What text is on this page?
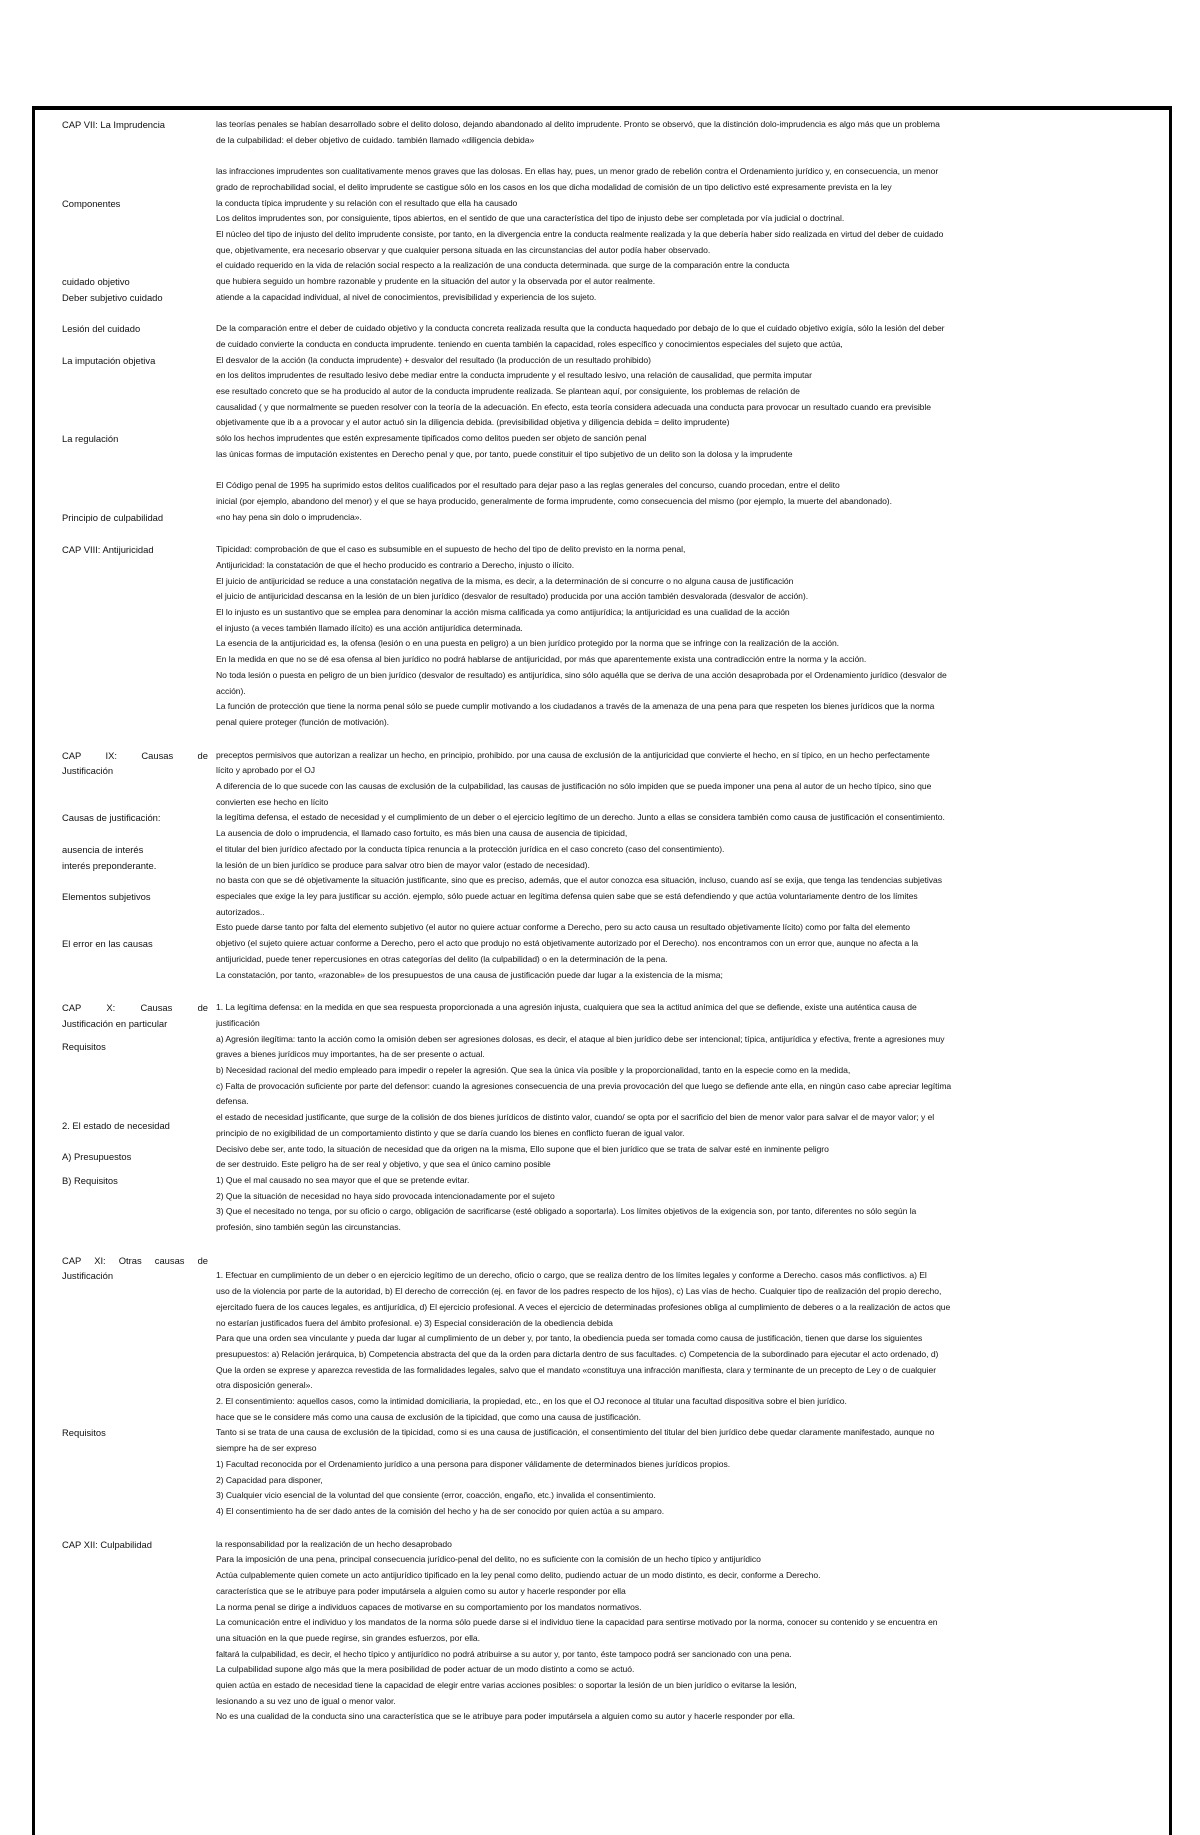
CAP VII: La Imprudencia
Componentes
cuidado objetivo
Deber subjetivo cuidado
Lesión del cuidado
La imputación objetiva
La regulación
Principio de culpabilidad
las teorías penales se habían desarrollado sobre el delito doloso, dejando abandonado al delito imprudente. Pronto se observó, que la distinción dolo-imprudencia es algo más que un problema
de la culpabilidad: el deber objetivo de cuidado. también llamado «diligencia debida»
las infracciones imprudentes son cualitativamente menos graves que las dolosas. En ellas hay, pues, un menor grado de rebelión contra el Ordenamiento jurídico y, en consecuencia, un menor
grado de reprochabilidad social, el delito imprudente se castigue sólo en los casos en los que dicha modalidad de comisión de un tipo delictivo esté expresamente prevista en la ley
la conducta típica imprudente y su relación con el resultado que ella ha causado
Los delitos imprudentes son, por consiguiente, tipos abiertos, en el sentido de que una característica del tipo de injusto debe ser completada por vía judicial o doctrinal.
El núcleo del tipo de injusto del delito imprudente consiste, por tanto, en la divergencia entre la conducta realmente realizada y la que debería haber sido realizada en virtud del deber de cuidado
que, objetivamente, era necesario observar y que cualquier persona situada en las circunstancias del autor podía haber observado.
el cuidado requerido en la vida de relación social respecto a la realización de una conducta determinada. que surge de la comparación entre la conducta
que hubiera seguido un hombre razonable y prudente en la situación del autor y la observada por el autor realmente.
atiende a la capacidad individual, al nivel de conocimientos, previsibilidad y experiencia de los sujeto.
De la comparación entre el deber de cuidado objetivo y la conducta concreta realizada resulta que la conducta haquedado por debajo de lo que el cuidado objetivo exigía, sólo la lesión del deber
de cuidado convierte la conducta en conducta imprudente. teniendo en cuenta también la capacidad, roles específico y conocimientos especiales del sujeto que actúa,
El desvalor de la acción (la conducta imprudente) + desvalor del resultado (la producción de un resultado prohibido)
en los delitos imprudentes de resultado lesivo debe mediar entre la conducta imprudente y el resultado lesivo, una relación de causalidad, que permita imputar
ese resultado concreto que se ha producido al autor de la conducta imprudente realizada. Se plantean aquí, por consiguiente, los problemas de relación de
causalidad ( y que normalmente se pueden resolver con la teoría de la adecuación. En efecto, esta teoría considera adecuada una conducta para provocar un resultado cuando era previsible
objetivamente que ib a a provocar y el autor actuó sin la diligencia debida. (previsibilidad objetiva y diligencia debida = delito imprudente)
sólo los hechos imprudentes que estén expresamente tipificados como delitos pueden ser objeto de sanción penal
las únicas formas de imputación existentes en Derecho penal y que, por tanto, puede constituir el tipo subjetivo de un delito son la dolosa y la imprudente
El Código penal de 1995 ha suprimido estos delitos cualificados por el resultado para dejar paso a las reglas generales del concurso, cuando procedan, entre el delito
inicial (por ejemplo, abandono del menor) y el que se haya producido, generalmente de forma imprudente, como consecuencia del mismo (por ejemplo, la muerte del abandonado).
«no hay pena sin dolo o imprudencia».
CAP VIII: Antijuricidad	Tipicidad: comprobación de que el caso es subsumible en el supuesto de hecho del tipo de delito previsto en la norma penal,
Antijuricidad: la constatación de que el hecho producido es contrario a Derecho, injusto o ilícito.
El juicio de antijuricidad se reduce a una constatación negativa de la misma, es decir, a la determinación de si concurre o no alguna causa de justificación
el juicio de antijuricidad descansa en la lesión de un bien jurídico (desvalor de resultado) producida por una acción también desvalorada (desvalor de acción).
El lo injusto es un sustantivo que se emplea para denominar la acción misma calificada ya como antijurídica; la antijuricidad es una cualidad de la acción
el injusto (a veces también llamado ilícito) es una acción antijurídica determinada.
La esencia de la antijuricidad es, la ofensa (lesión o en una puesta en peligro) a un bien jurídico protegido por la norma que se infringe con la realización de la acción.
En la medida en que no se dé esa ofensa al bien jurídico no podrá hablarse de antijuricidad, por más que aparentemente exista una contradicción entre la norma y la acción.
No toda lesión o puesta en peligro de un bien jurídico (desvalor de resultado) es antijurídica, sino sólo aquélla que se deriva de una acción desaprobada por el Ordenamiento jurídico (desvalor de
acción).
La función de protección que tiene la norma penal sólo se puede cumplir motivando a los ciudadanos a través de la amenaza de una pena para que respeten los bienes jurídicos que la norma
penal quiere proteger (función de motivación).
CAP IX: Causas de
Justificación
Causas de justificación:
ausencia de interés
interés preponderante.
Elementos subjetivos
El error en las causas
preceptos permisivos que autorizan a realizar un hecho, en principio, prohibido. por una causa de exclusión de la antijuricidad que convierte el hecho, en sí típico, en un hecho perfectamente
lícito y aprobado por el OJ
A diferencia de lo que sucede con las causas de exclusión de la culpabilidad, las causas de justificación no sólo impiden que se pueda imponer una pena al autor de un hecho típico, sino que
convierten ese hecho en lícito
la legítima defensa, el estado de necesidad y el cumplimiento de un deber o el ejercicio legítimo de un derecho. Junto a ellas se considera también como causa de justificación el consentimiento.
La ausencia de dolo o imprudencia, el llamado caso fortuito, es más bien una causa de ausencia de tipicidad,
el titular del bien jurídico afectado por la conducta típica renuncia a la protección jurídica en el caso concreto (caso del consentimiento).
la lesión de un bien jurídico se produce para salvar otro bien de mayor valor (estado de necesidad).
no basta con que se dé objetivamente la situación justificante, sino que es preciso, además, que el autor conozca esa situación, incluso, cuando así se exija, que tenga las tendencias subjetivas
especiales que exige la ley para justificar su acción. ejemplo, sólo puede actuar en legítima defensa quien sabe que se está defendiendo y que actúa voluntariamente dentro de los límites
autorizados..
Esto puede darse tanto por falta del elemento subjetivo (el autor no quiere actuar conforme a Derecho, pero su acto causa un resultado objetivamente lícito) como por falta del elemento
objetivo (el sujeto quiere actuar conforme a Derecho, pero el acto que produjo no está objetivamente autorizado por el Derecho). nos encontramos con un error que, aunque no afecta a la
antijuricidad, puede tener repercusiones en otras categorías del delito (la culpabilidad) o en la determinación de la pena.
La constatación, por tanto, «razonable» de los presupuestos de una causa de justificación puede dar lugar a la existencia de la misma;
CAP X: Causas de
Justificación en particular
Requisitos
2. El estado de necesidad
A) Presupuestos
B) Requisitos
1. La legítima defensa: en la medida en que sea respuesta proporcionada a una agresión injusta, cualquiera que sea la actitud anímica del que se defiende, existe una auténtica causa de
justificación
a) Agresión ilegítima: tanto la acción como la omisión deben ser agresiones dolosas, es decir, el ataque al bien jurídico debe ser intencional; típica, antijurídica y efectiva, frente a agresiones muy
graves a bienes jurídicos muy importantes, ha de ser presente o actual.
b) Necesidad racional del medio empleado para impedir o repeler la agresión. Que sea la única vía posible y la proporcionalidad, tanto en la especie como en la medida,
c) Falta de provocación suficiente por parte del defensor: cuando la agresiones consecuencia de una previa provocación del que luego se defiende ante ella, en ningún caso cabe apreciar legítima
defensa.
el estado de necesidad justificante, que surge de la colisión de dos bienes jurídicos de distinto valor, cuando/ se opta por el sacrificio del bien de menor valor para salvar el de mayor valor; y el
principio de no exigibilidad de un comportamiento distinto y que se daría cuando los bienes en conflicto fueran de igual valor.
Decisivo debe ser, ante todo, la situación de necesidad que da origen na la misma, Ello supone que el bien jurídico que se trata de salvar esté en inminente peligro
de ser destruido. Este peligro ha de ser real y objetivo, y que sea el único camino posible
1) Que el mal causado no sea mayor que el que se pretende evitar.
2) Que la situación de necesidad no haya sido provocada intencionadamente por el sujeto
3) Que el necesitado no tenga, por su oficio o cargo, obligación de sacrificarse (esté obligado a soportarla). Los límites objetivos de la exigencia son, por tanto, diferentes no sólo según la
profesión, sino también según las circunstancias.
CAP XI: Otras causas de
Justificación
Requisitos
1. Efectuar en cumplimiento de un deber o en ejercicio legítimo de un derecho, oficio o cargo, que se realiza dentro de los límites legales y conforme a Derecho. casos más conflictivos. a) El
uso de la violencia por parte de la autoridad, b) El derecho de corrección (ej. en favor de los padres respecto de los hijos), c) Las vías de hecho. Cualquier tipo de realización del propio derecho,
ejercitado fuera de los cauces legales, es antijurídica, d) El ejercicio profesional. A veces el ejercicio de determinadas profesiones obliga al cumplimiento de deberes o a la realización de actos que
no estarían justificados fuera del ámbito profesional. e) 3) Especial consideración de la obediencia debida
Para que una orden sea vinculante y pueda dar lugar al cumplimiento de un deber y, por tanto, la obediencia pueda ser tomada como causa de justificación, tienen que darse los siguientes
presupuestos: a) Relación jerárquica, b) Competencia abstracta del que da la orden para dictarla dentro de sus facultades. c) Competencia de la subordinado para ejecutar el acto ordenado, d)
Que la orden se exprese y aparezca revestida de las formalidades legales, salvo que el mandato «constituya una infracción manifiesta, clara y terminante de un precepto de Ley o de cualquier
otra disposición general».
2. El consentimiento: aquellos casos, como la intimidad domiciliaria, la propiedad, etc., en los que el OJ reconoce al titular una facultad dispositiva sobre el bien jurídico.
hace que se le considere más como una causa de exclusión de la tipicidad, que como una causa de justificación.
Tanto si se trata de una causa de exclusión de la tipicidad, como si es una causa de justificación, el consentimiento del titular del bien jurídico debe quedar claramente manifestado, aunque no
siempre ha de ser expreso
1) Facultad reconocida por el Ordenamiento jurídico a una persona para disponer válidamente de determinados bienes jurídicos propios.
2) Capacidad para disponer,
3) Cualquier vicio esencial de la voluntad del que consiente (error, coacción, engaño, etc.) invalida el consentimiento.
4) El consentimiento ha de ser dado antes de la comisión del hecho y ha de ser conocido por quien actúa a su amparo.
CAP XII: Culpabilidad	la responsabilidad por la realización de un hecho desaprobado
Para la imposición de una pena, principal consecuencia jurídico-penal del delito, no es suficiente con la comisión de un hecho típico y antijurídico
Actúa culpablemente quien comete un acto antijurídico tipificado en la ley penal como delito, pudiendo actuar de un modo distinto, es decir, conforme a Derecho.
característica que se le atribuye para poder imputársela a alguien como su autor y hacerle responder por ella
La norma penal se dirige a individuos capaces de motivarse en su comportamiento por los mandatos normativos.
La comunicación entre el individuo y los mandatos de la norma sólo puede darse si el individuo tiene la capacidad para sentirse motivado por la norma, conocer su contenido y se encuentra en
una situación en la que puede regirse, sin grandes esfuerzos, por ella.
faltará la culpabilidad, es decir, el hecho típico y antijurídico no podrá atribuirse a su autor y, por tanto, éste tampoco podrá ser sancionado con una pena.
La culpabilidad supone algo más que la mera posibilidad de poder actuar de un modo distinto a como se actuó.
quien actúa en estado de necesidad tiene la capacidad de elegir entre varias acciones posibles: o soportar la lesión de un bien jurídico o evitarse la lesión,
lesionando a su vez uno de igual o menor valor.
No es una cualidad de la conducta sino una característica que se le atribuye para poder imputársela a alguien como su autor y hacerle responder por ella.
